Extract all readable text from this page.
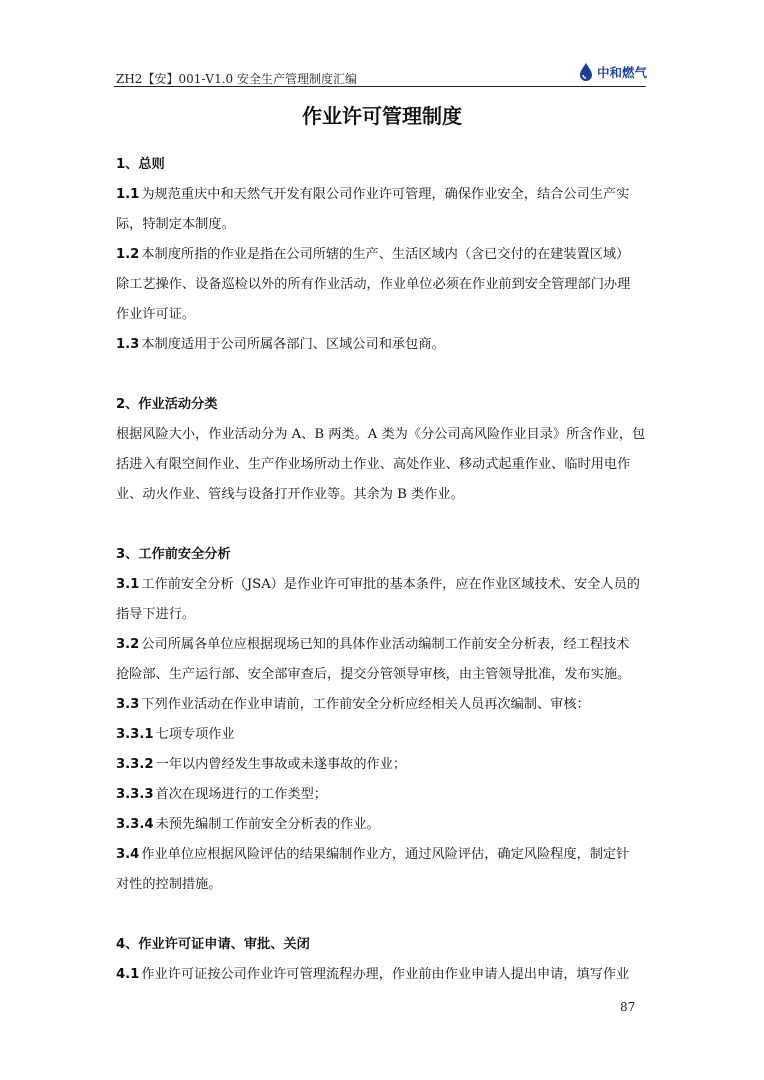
ZH2【安】001-V1.0 安全生产管理制度汇编	中和燃气
作业许可管理制度
1、总则
1.1 为规范重庆中和天然气开发有限公司作业许可管理，确保作业安全，结合公司生产实
际，特制定本制度。
1.2 本制度所指的作业是指在公司所辖的生产、生活区域内（含已交付的在建装置区域）
除工艺操作、设备巡检以外的所有作业活动，作业单位必须在作业前到安全管理部门办理
作业许可证。
1.3 本制度适用于公司所属各部门、区域公司和承包商。
2、作业活动分类
根据风险大小，作业活动分为 A、B 两类。A 类为《分公司高风险作业目录》所含作业，包
括进入有限空间作业、生产作业场所动土作业、高处作业、移动式起重作业、临时用电作
业、动火作业、管线与设备打开作业等。其余为 B 类作业。
3、工作前安全分析
3.1 工作前安全分析（JSA）是作业许可审批的基本条件，应在作业区域技术、安全人员的
指导下进行。
3.2 公司所属各单位应根据现场已知的具体作业活动编制工作前安全分析表，经工程技术
抢险部、生产运行部、安全部审查后，提交分管领导审核，由主管领导批准，发布实施。
3.3 下列作业活动在作业申请前，工作前安全分析应经相关人员再次编制、审核：
3.3.1 七项专项作业
3.3.2 一年以内曾经发生事故或未遂事故的作业；
3.3.3 首次在现场进行的工作类型；
3.3.4 未预先编制工作前安全分析表的作业。
3.4 作业单位应根据风险评估的结果编制作业方，通过风险评估，确定风险程度，制定针
对性的控制措施。
4、作业许可证申请、审批、关闭
4.1 作业许可证按公司作业许可管理流程办理，作业前由作业申请人提出申请，填写作业
87
